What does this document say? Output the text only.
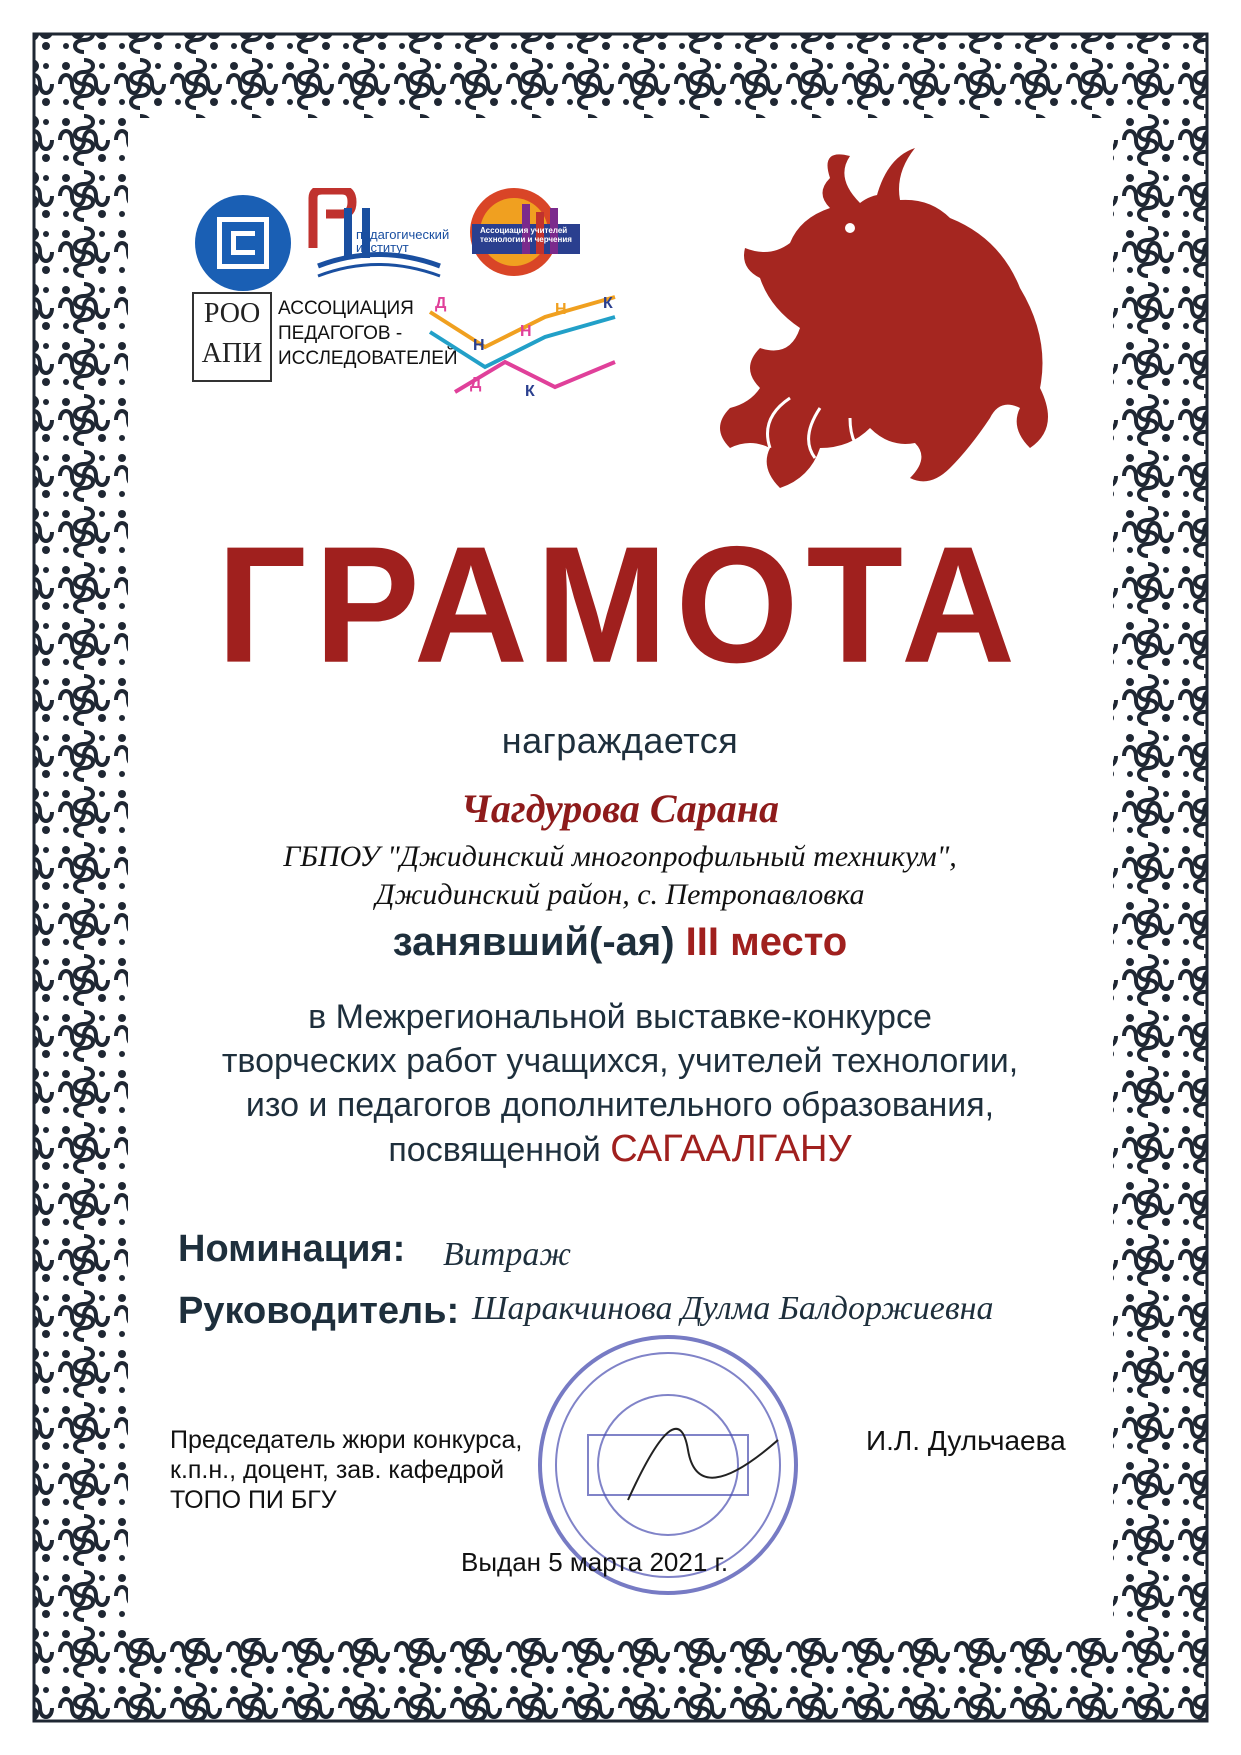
педагогический институт
Ассоциация учителей технологии и черчения
РОО
АПИ
АССОЦИАЦИЯ
ПЕДАГОГОВ -
ИССЛЕДОВАТЕЛЕЙ
Д
Н
Н
Н К
Д	К
ГРАМОТА
награждается
Чагдурова Сарана
ГБПОУ "Джидинский многопрофильный техникум",
Джидинский район, с. Петропавловка
занявший(-ая) III место
в Межрегиональной выставке-конкурсе
творческих работ учащихся, учителей технологии,
изо и педагогов дополнительного образования,
посвященной САГААЛГАНУ
Номинация: Витраж
Руководитель: Шаракчинова Дулма Балдоржиевна
Председатель жюри конкурса,
к.п.н., доцент, зав. кафедрой
ТОПО ПИ БГУ
И.Л. Дульчаева
Выдан 5 марта 2021 г.
